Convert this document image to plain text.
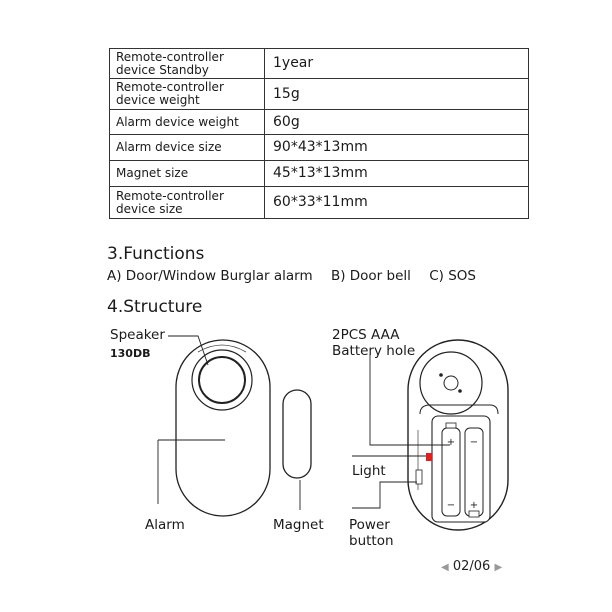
Remote-controller device Standby	1year
Remote-controller device weight	15g
Alarm device weight	60g
Alarm device size	90*43*13mm
Magnet size	45*13*13mm
Remote-controller device size	60*33*11mm
3.Functions
A) Door/Window Burglar alarm B) Door bell C) SOS
4.Structure
+ −
− +
Speaker
130DB
Alarm	Magnet
2PCS AAA
Battery hole
Light
Power
button
◀ 02/06 ▶
